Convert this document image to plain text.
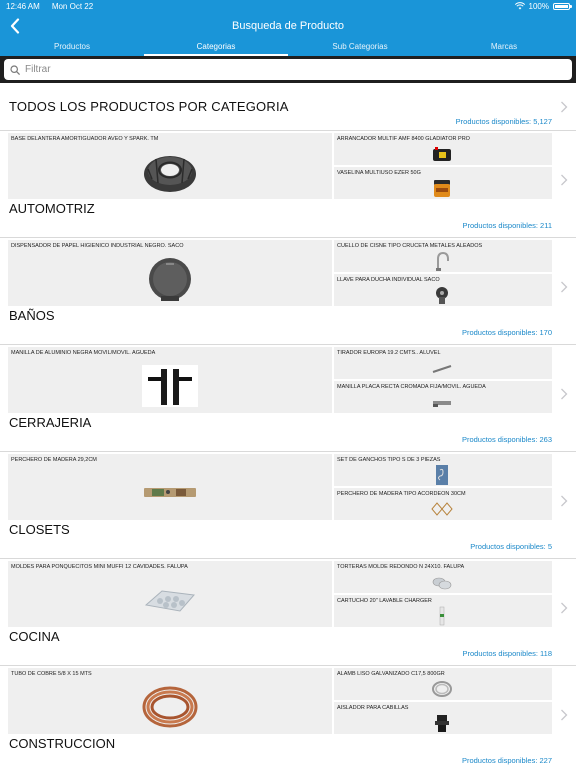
12:46 AM Mon Oct 22	100%
Busqueda de Producto
Productos	Categorias	Sub Categorias	Marcas
Filtrar
TODOS LOS PRODUCTOS POR CATEGORIA
Productos disponibles: 5,127
BASE DELANTERA AMORTIGUADOR AVEO Y SPARK. TM	ARRANCADOR MULTIF AMF 8400 GLADIATOR PRO
VASELINA MULTIUSO EZER 50G
AUTOMOTRIZ
Productos disponibles: 211
DISPENSADOR DE PAPEL HIGIENICO INDUSTRIAL NEGRO. SACO	CUELLO DE CISNE TIPO CRUCETA METALES ALEADOS
LLAVE PARA DUCHA INDIVIDUAL SACO
BAÑOS
Productos disponibles: 170
MANILLA DE ALUMINIO NEGRA MOVIL/MOVIL. AGUEDA	TIRADOR EUROPA 19.2 CMTS.. ALUVEL
MANILLA PLACA RECTA CROMADA FIJA/MOVIL. AGUEDA
CERRAJERIA
Productos disponibles: 263
PERCHERO DE MADERA 29,2CM	SET DE GANCHOS TIPO S DE 3 PIEZAS
PERCHERO DE MADERA TIPO ACORDEON 30CM
CLOSETS
Productos disponibles: 5
MOLDES PARA PONQUECITOS MINI MUFFI 12 CAVIDADES. FALUPA	TORTERAS MOLDE REDONDO N 24X10. FALUPA
CARTUCHO 20" LAVABLE CHARGER
COCINA
Productos disponibles: 118
TUBO DE COBRE 5/8 X 15 MTS	ALAMB LISO GALVANIZADO C17,5 800GR
AISLADOR PARA CABILLAS
CONSTRUCCION
Productos disponibles: 227
